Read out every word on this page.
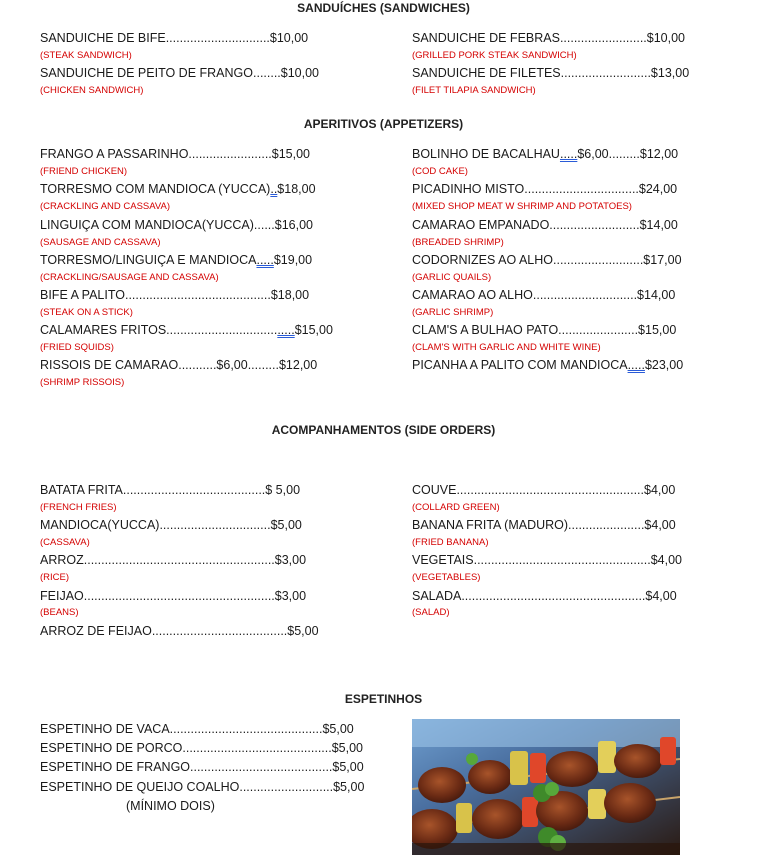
SANDUÍCHES (SANDWICHES)
APERITIVOS (APPETIZERS)
ACOMPANHAMENTOS (SIDE ORDERS)
ESPETINHOS
SANDUICHE DE BIFE..............................$10,00
(STEAK SANDWICH)
SANDUICHE DE PEITO DE FRANGO........$10,00
(CHICKEN SANDWICH)
SANDUICHE DE FEBRAS.........................$10,00
(GRILLED PORK STEAK SANDWICH)
SANDUICHE DE FILETES..........................$13,00
(FILET TILAPIA SANDWICH)
FRANGO A PASSARINHO........................$15,00
(FRIEND CHICKEN)
TORRESMO COM MANDIOCA (YUCCA)..$18,00
(CRACKLING AND CASSAVA)
LINGUIÇA COM MANDIOCA(YUCCA)......$16,00
(SAUSAGE AND CASSAVA)
TORRESMO/LINGUIÇA E MANDIOCA.....$19,00
(CRACKLING/SAUSAGE AND CASSAVA)
BIFE A PALITO..........................................$18,00
(STEAK ON A STICK)
CALAMARES FRITOS.....................................$15,00
(FRIED SQUIDS)
RISSOIS DE CAMARAO...........$6,00.........$12,00
(SHRIMP RISSOIS)
BOLINHO DE BACALHAU.....$6,00.........$12,00
(COD CAKE)
PICADINHO MISTO.................................$24,00
(MIXED SHOP MEAT W SHRIMP AND POTATOES)
CAMARAO EMPANADO..........................$14,00
(BREADED SHRIMP)
CODORNIZES AO ALHO..........................$17,00
(GARLIC QUAILS)
CAMARAO AO ALHO..............................$14,00
(GARLIC SHRIMP)
CLAM'S A BULHAO PATO.......................$15,00
(CLAM'S WITH GARLIC AND WHITE WINE)
PICANHA A PALITO COM MANDIOCA.....$23,00
BATATA FRITA.........................................$ 5,00
(FRENCH FRIES)
MANDIOCA(YUCCA)................................$5,00
(CASSAVA)
ARROZ.......................................................$3,00
(RICE)
FEIJAO.......................................................$3,00
(BEANS)
ARROZ DE FEIJAO.......................................$5,00
COUVE......................................................$4,00
(COLLARD GREEN)
BANANA FRITA (MADURO)......................$4,00
(FRIED BANANA)
VEGETAIS...................................................$4,00
(VEGETABLES)
SALADA.....................................................$4,00
(SALAD)
ESPETINHO DE VACA............................................$5,00
ESPETINHO DE PORCO...........................................$5,00
ESPETINHO DE FRANGO.........................................$5,00
ESPETINHO DE QUEIJO COALHO...........................$5,00
(MÍNIMO DOIS)
